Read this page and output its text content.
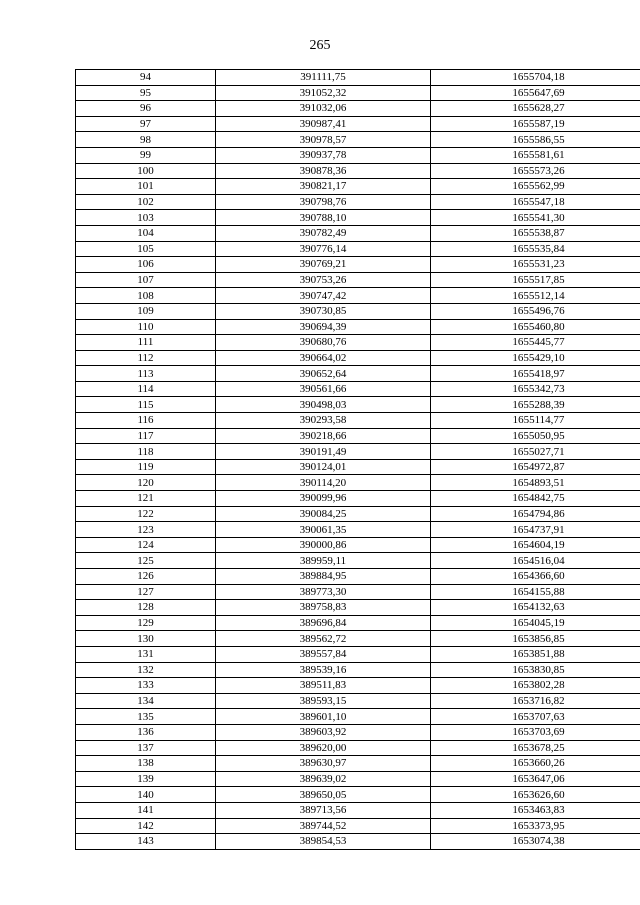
265
94	391111,75	1655704,18
95	391052,32	1655647,69
96	391032,06	1655628,27
97	390987,41	1655587,19
98	390978,57	1655586,55
99	390937,78	1655581,61
100	390878,36	1655573,26
101	390821,17	1655562,99
102	390798,76	1655547,18
103	390788,10	1655541,30
104	390782,49	1655538,87
105	390776,14	1655535,84
106	390769,21	1655531,23
107	390753,26	1655517,85
108	390747,42	1655512,14
109	390730,85	1655496,76
110	390694,39	1655460,80
111	390680,76	1655445,77
112	390664,02	1655429,10
113	390652,64	1655418,97
114	390561,66	1655342,73
115	390498,03	1655288,39
116	390293,58	1655114,77
117	390218,66	1655050,95
118	390191,49	1655027,71
119	390124,01	1654972,87
120	390114,20	1654893,51
121	390099,96	1654842,75
122	390084,25	1654794,86
123	390061,35	1654737,91
124	390000,86	1654604,19
125	389959,11	1654516,04
126	389884,95	1654366,60
127	389773,30	1654155,88
128	389758,83	1654132,63
129	389696,84	1654045,19
130	389562,72	1653856,85
131	389557,84	1653851,88
132	389539,16	1653830,85
133	389511,83	1653802,28
134	389593,15	1653716,82
135	389601,10	1653707,63
136	389603,92	1653703,69
137	389620,00	1653678,25
138	389630,97	1653660,26
139	389639,02	1653647,06
140	389650,05	1653626,60
141	389713,56	1653463,83
142	389744,52	1653373,95
143	389854,53	1653074,38
